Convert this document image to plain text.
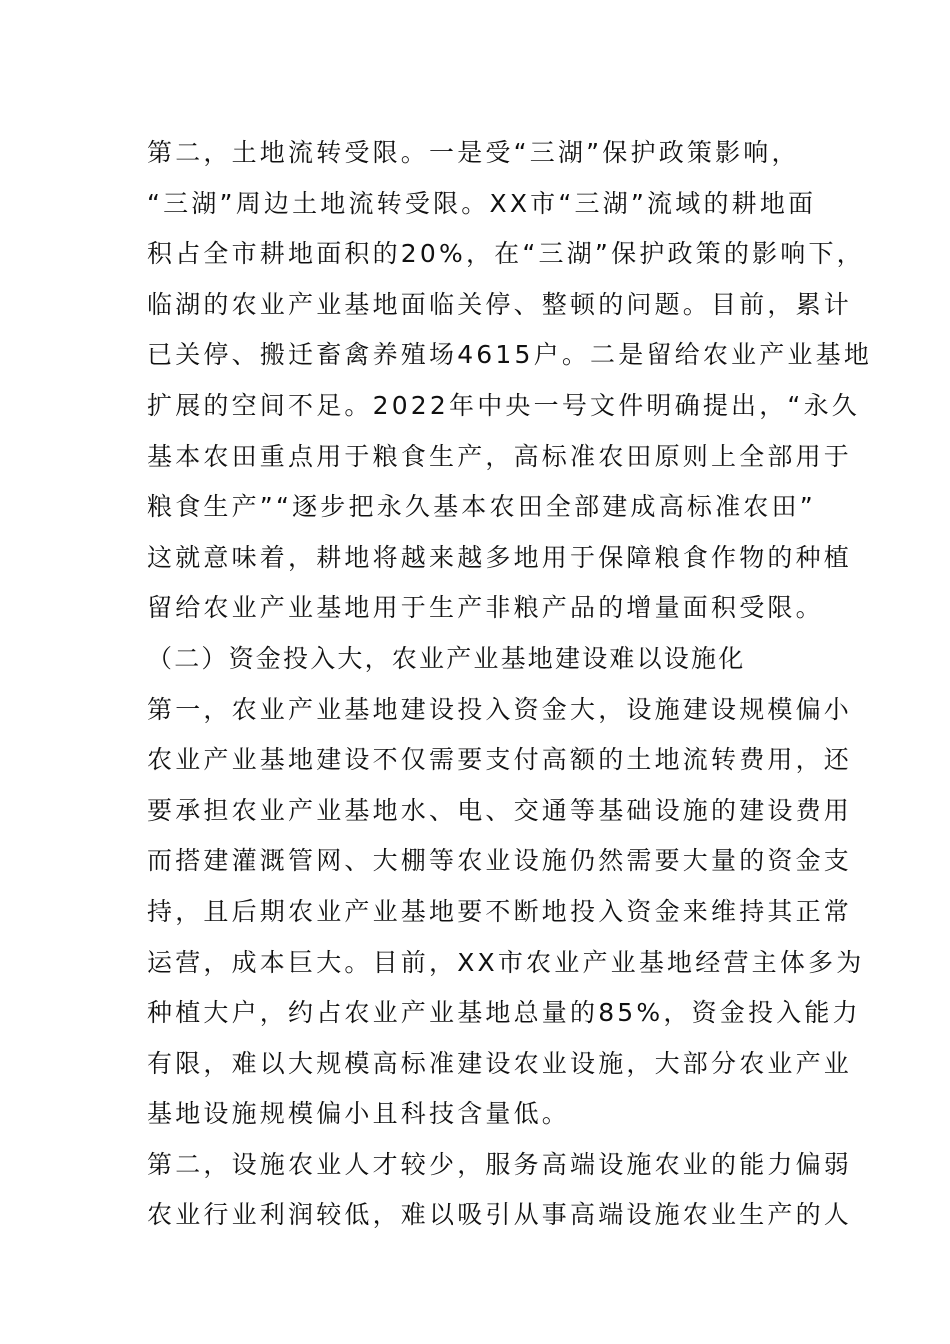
第二，土地流转受限。一是受“三湖”保护政策影响，
“三湖”周边土地流转受限。XX市“三湖”流域的耕地面
积占全市耕地面积的20%，在“三湖”保护政策的影响下，
临湖的农业产业基地面临关停、整顿的问题。目前，累计
已关停、搬迁畜禽养殖场4615户。二是留给农业产业基地
扩展的空间不足。2022年中央一号文件明确提出，“永久
基本农田重点用于粮食生产，高标准农田原则上全部用于
粮食生产”“逐步把永久基本农田全部建成高标准农田”
这就意味着，耕地将越来越多地用于保障粮食作物的种植
留给农业产业基地用于生产非粮产品的增量面积受限。
（二）资金投入大，农业产业基地建设难以设施化
第一，农业产业基地建设投入资金大，设施建设规模偏小
农业产业基地建设不仅需要支付高额的土地流转费用，还
要承担农业产业基地水、电、交通等基础设施的建设费用
而搭建灌溉管网、大棚等农业设施仍然需要大量的资金支
持，且后期农业产业基地要不断地投入资金来维持其正常
运营，成本巨大。目前，XX市农业产业基地经营主体多为
种植大户，约占农业产业基地总量的85%，资金投入能力
有限，难以大规模高标准建设农业设施，大部分农业产业
基地设施规模偏小且科技含量低。
第二，设施农业人才较少，服务高端设施农业的能力偏弱
农业行业利润较低，难以吸引从事高端设施农业生产的人
